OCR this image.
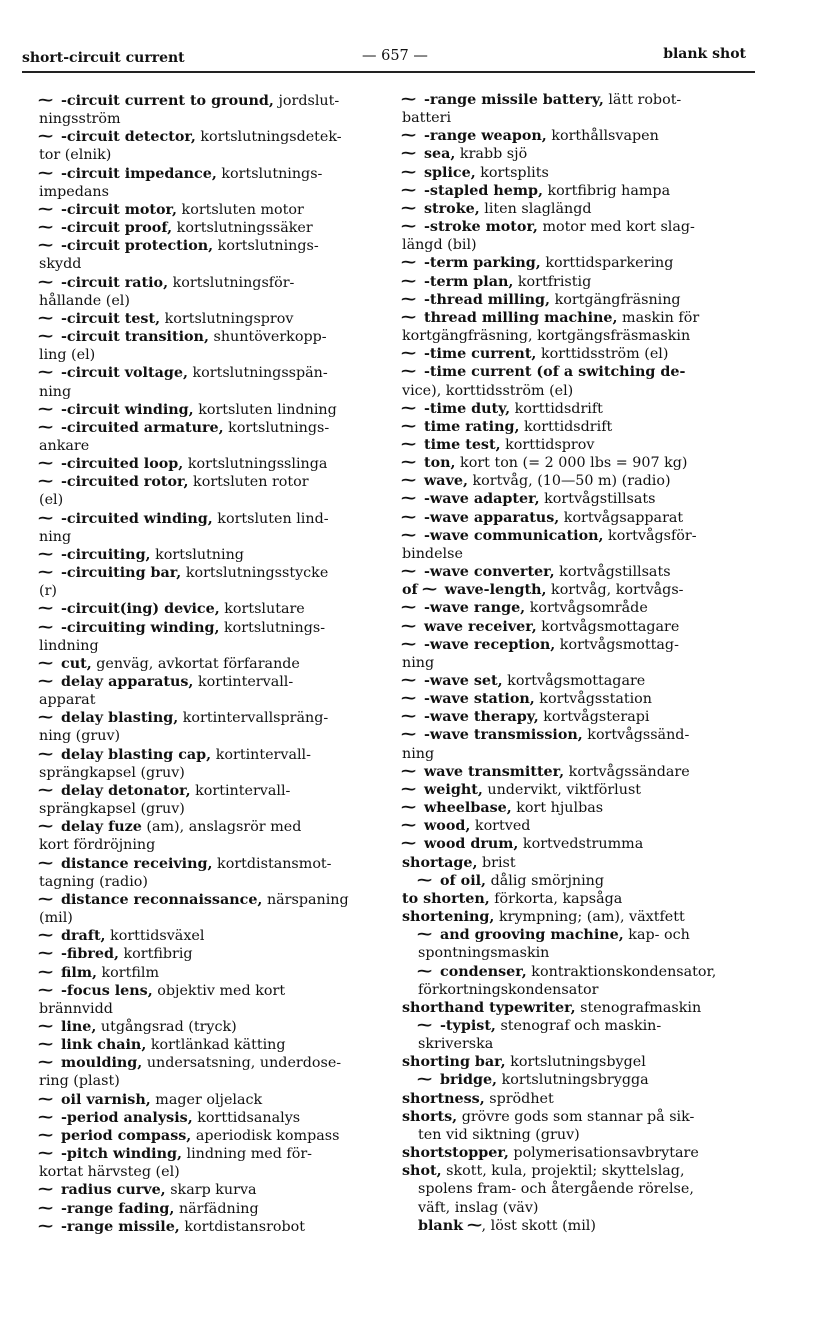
short-circuit current	— 657 —	blank shot
~ -circuit current to ground, jordslut-
ningsström
~ -circuit detector, kortslutningsdetek-
tor (elnik)
~ -circuit impedance, kortslutnings-
impedans
~ -circuit motor, kortsluten motor
~ -circuit proof, kortslutningssäker
~ -circuit protection, kortslutnings-
skydd
~ -circuit ratio, kortslutningsför-
hållande (el)
~ -circuit test, kortslutningsprov
~ -circuit transition, shuntöverkopp-
ling (el)
~ -circuit voltage, kortslutningsspän-
ning
~ -circuit winding, kortsluten lindning
~ -circuited armature, kortslutnings-
ankare
~ -circuited loop, kortslutningsslinga
~ -circuited rotor, kortsluten rotor
(el)
~ -circuited winding, kortsluten lind-
ning
~ -circuiting, kortslutning
~ -circuiting bar, kortslutningsstycke
(r)
~ -circuit(ing) device, kortslutare
~ -circuiting winding, kortslutnings-
lindning
~ cut, genväg, avkortat förfarande
~ delay apparatus, kortintervall-
apparat
~ delay blasting, kortintervallspräng-
ning (gruv)
~ delay blasting cap, kortintervall-
sprängkapsel (gruv)
~ delay detonator, kortintervall-
sprängkapsel (gruv)
~ delay fuze (am), anslagsrör med
kort fördröjning
~ distance receiving, kortdistansmot-
tagning (radio)
~ distance reconnaissance, närspaning
(mil)
~ draft, korttidsväxel
~ -fibred, kortfibrig
~ film, kortfilm
~ -focus lens, objektiv med kort
brännvidd
~ line, utgångsrad (tryck)
~ link chain, kortlänkad kätting
~ moulding, undersatsning, underdose-
ring (plast)
~ oil varnish, mager oljelack
~ -period analysis, korttidsanalys
~ period compass, aperiodisk kompass
~ -pitch winding, lindning med för-
kortat härvsteg (el)
~ radius curve, skarp kurva
~ -range fading, närfädning
~ -range missile, kortdistansrobot
~ -range missile battery, lätt robot-
batteri
~ -range weapon, korthållsvapen
~ sea, krabb sjö
~ splice, kortsplits
~ -stapled hemp, kortfibrig hampa
~ stroke, liten slaglängd
~ -stroke motor, motor med kort slag-
längd (bil)
~ -term parking, korttidsparkering
~ -term plan, kortfristig
~ -thread milling, kortgängfräsning
~ thread milling machine, maskin för
kortgängfräsning, kortgängsfräsmaskin
~ -time current, korttidsström (el)
~ -time current (of a switching de-
vice), korttidsström (el)
~ -time duty, korttidsdrift
~ time rating, korttidsdrift
~ time test, korttidsprov
~ ton, kort ton (= 2 000 lbs = 907 kg)
~ wave, kortvåg, (10—50 m) (radio)
~ -wave adapter, kortvågstillsats
~ -wave apparatus, kortvågsapparat
~ -wave communication, kortvågsför-
bindelse
~ -wave converter, kortvågstillsats
of ~ wave-length, kortvåg, kortvågs-
~ -wave range, kortvågsområde
~ wave receiver, kortvågsmottagare
~ -wave reception, kortvågsmottag-
ning
~ -wave set, kortvågsmottagare
~ -wave station, kortvågsstation
~ -wave therapy, kortvågsterapi
~ -wave transmission, kortvågssänd-
ning
~ wave transmitter, kortvågssändare
~ weight, undervikt, viktförlust
~ wheelbase, kort hjulbas
~ wood, kortved
~ wood drum, kortvedstrumma
shortage, brist
~ of oil, dålig smörjning
to shorten, förkorta, kapsåga
shortening, krympning; (am), växtfett
~ and grooving machine, kap- och
spontningsmaskin
~ condenser, kontraktionskondensator,
förkortningskondensator
shorthand typewriter, stenografmaskin
~ -typist, stenograf och maskin-
skriverska
shorting bar, kortslutningsbygel
~ bridge, kortslutningsbrygga
shortness, sprödhet
shorts, grövre gods som stannar på sik-
ten vid siktning (gruv)
shortstopper, polymerisationsavbrytare
shot, skott, kula, projektil; skyttelslag,
spolens fram- och återgående rörelse,
väft, inslag (väv)
blank ~, löst skott (mil)
